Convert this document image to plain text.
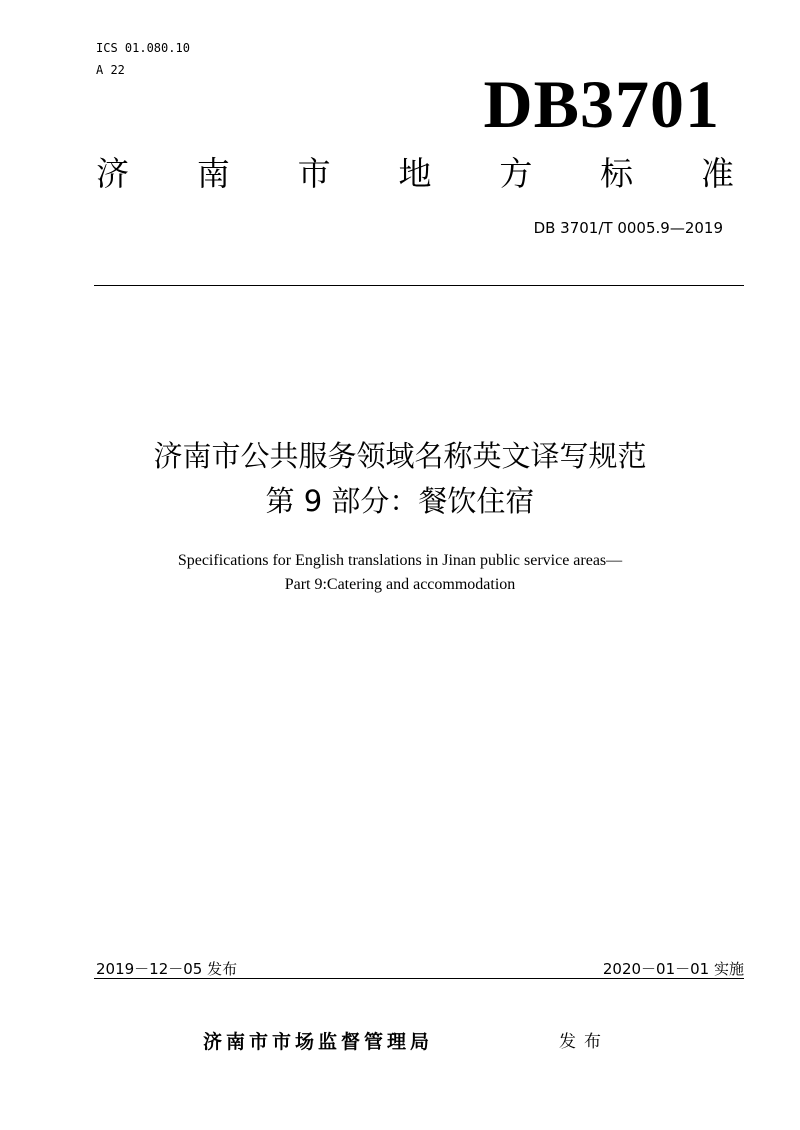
ICS 01.080.10
A 22	DB3701
济 南 市 地 方 标 准
DB 3701/T 0005.9—2019
济南市公共服务领域名称英文译写规范
第 9 部分：餐饮住宿
Specifications for English translations in Jinan public service areas—
Part 9:Catering and accommodation
2019－12－05 发布	2020－01－01 实施
济南市市场监督管理局	发布
